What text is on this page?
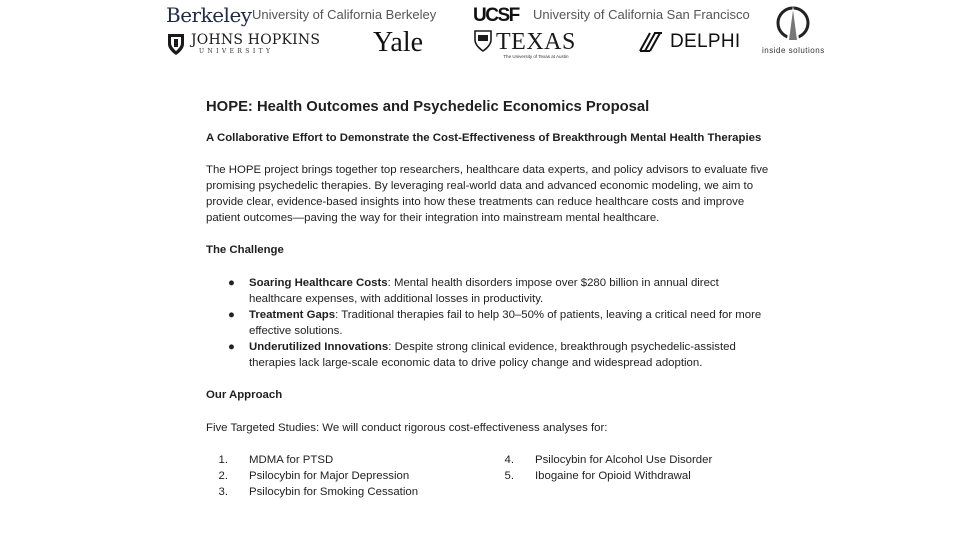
Berkeley University of California Berkeley UCSF University of California San Francisco
JOHNS HOPKINS
UNIVERSITY	Yale	TEXAS
The University of Texas at Austin
DELPHI	inside solutions
HOPE: Health Outcomes and Psychedelic Economics Proposal
A Collaborative Effort to Demonstrate the Cost-Effectiveness of Breakthrough Mental Health Therapies
The HOPE project brings together top researchers, healthcare data experts, and policy advisors to evaluate five promising psychedelic therapies. By leveraging real-world data and advanced economic modeling, we aim to provide clear, evidence-based insights into how these treatments can reduce healthcare costs and improve patient outcomes—paving the way for their integration into mainstream mental healthcare.
The Challenge
● Soaring Healthcare Costs: Mental health disorders impose over $280 billion in annual direct healthcare expenses, with additional losses in productivity.
● Treatment Gaps: Traditional therapies fail to help 30–50% of patients, leaving a critical need for more effective solutions.
● Underutilized Innovations: Despite strong clinical evidence, breakthrough psychedelic-assisted therapies lack large-scale economic data to drive policy change and widespread adoption.
Our Approach
Five Targeted Studies: We will conduct rigorous cost-effectiveness analyses for:
1. MDMA for PTSD
2. Psilocybin for Major Depression
3. Psilocybin for Smoking Cessation
4. Psilocybin for Alcohol Use Disorder
5. Ibogaine for Opioid Withdrawal
